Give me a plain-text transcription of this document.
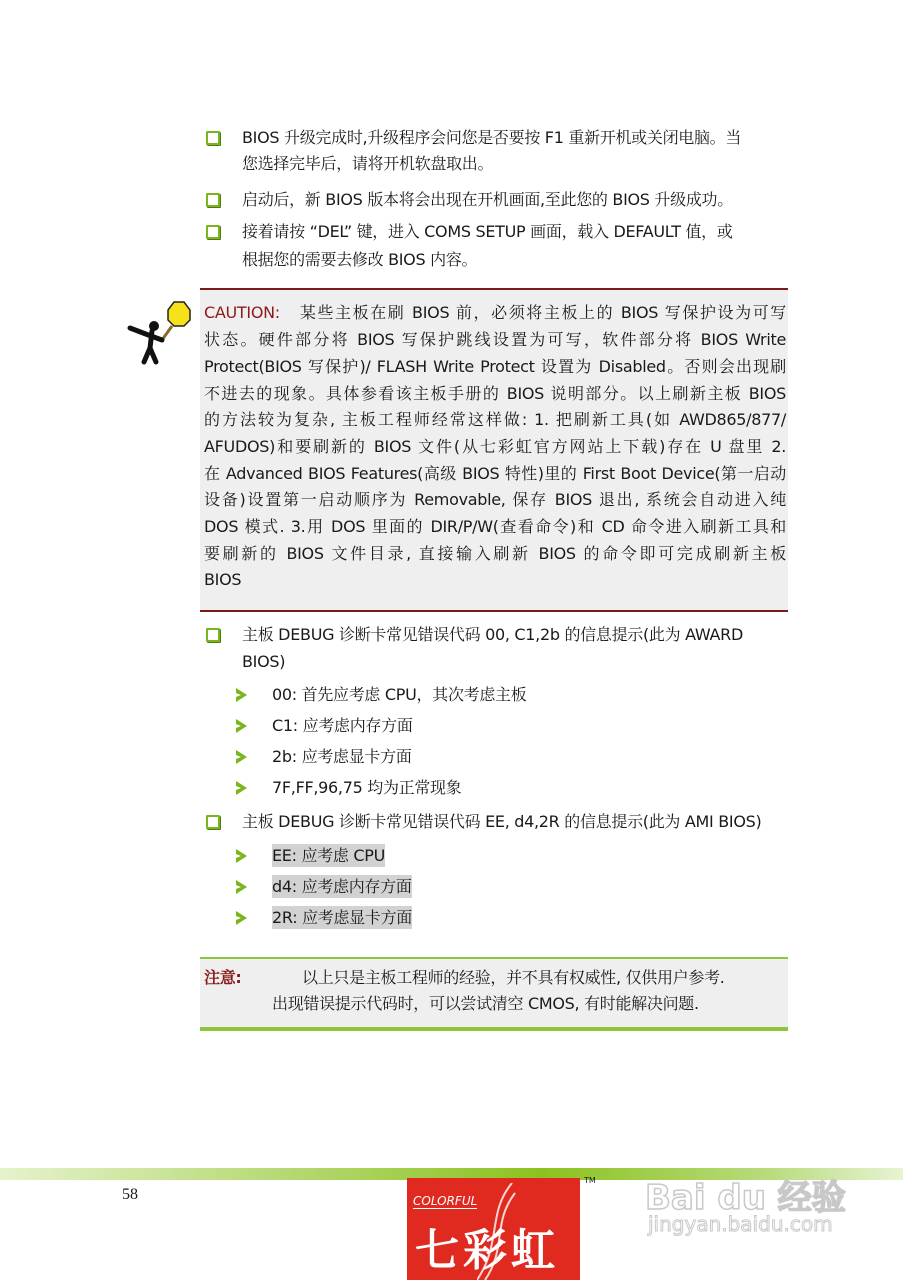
BIOS 升级完成时,升级程序会问您是否要按 F1 重新开机或关闭电脑。当
您选择完毕后，请将开机软盘取出。
启动后，新 BIOS 版本将会出现在开机画面,至此您的 BIOS 升级成功。
接着请按 “DEL” 键，进入 COMS SETUP 画面，载入 DEFAULT 值，或
根据您的需要去修改 BIOS 内容。
CAUTION: 某些主板在刷 BIOS 前，必须将主板上的 BIOS 写保护设为可写
状态。硬件部分将 BIOS 写保护跳线设置为可写，软件部分将 BIOS Write
Protect(BIOS 写保护)/ FLASH Write Protect 设置为 Disabled。否则会出现刷
不进去的现象。具体参看该主板手册的 BIOS 说明部分。以上刷新主板 BIOS
的方法较为复杂, 主板工程师经常这样做: 1. 把刷新工具(如 AWD865/877/
AFUDOS)和要刷新的 BIOS 文件(从七彩虹官方网站上下载)存在 U 盘里 2.
在 Advanced BIOS Features(高级 BIOS 特性)里的 First Boot Device(第一启动
设备)设置第一启动顺序为 Removable, 保存 BIOS 退出, 系统会自动进入纯
DOS 模式. 3.用 DOS 里面的 DIR/P/W(查看命令)和 CD 命令进入刷新工具和
要刷新的 BIOS 文件目录, 直接输入刷新 BIOS 的命令即可完成刷新主板
BIOS
主板 DEBUG 诊断卡常见错误代码 00, C1,2b 的信息提示(此为 AWARD
BIOS)
00: 首先应考虑 CPU，其次考虑主板
C1: 应考虑内存方面
2b: 应考虑显卡方面
7F,FF,96,75 均为正常现象
主板 DEBUG 诊断卡常见错误代码 EE, d4,2R 的信息提示(此为 AMI BIOS)
EE: 应考虑 CPU
d4: 应考虑内存方面
2R: 应考虑显卡方面
注意:	以上只是主板工程师的经验，并不具有权威性, 仅供用户参考.
出现错误提示代码时，可以尝试清空 CMOS, 有时能解决问题.
58	COLORFUL
七彩虹
TM Bai du 经验
jingyan.baidu.com
